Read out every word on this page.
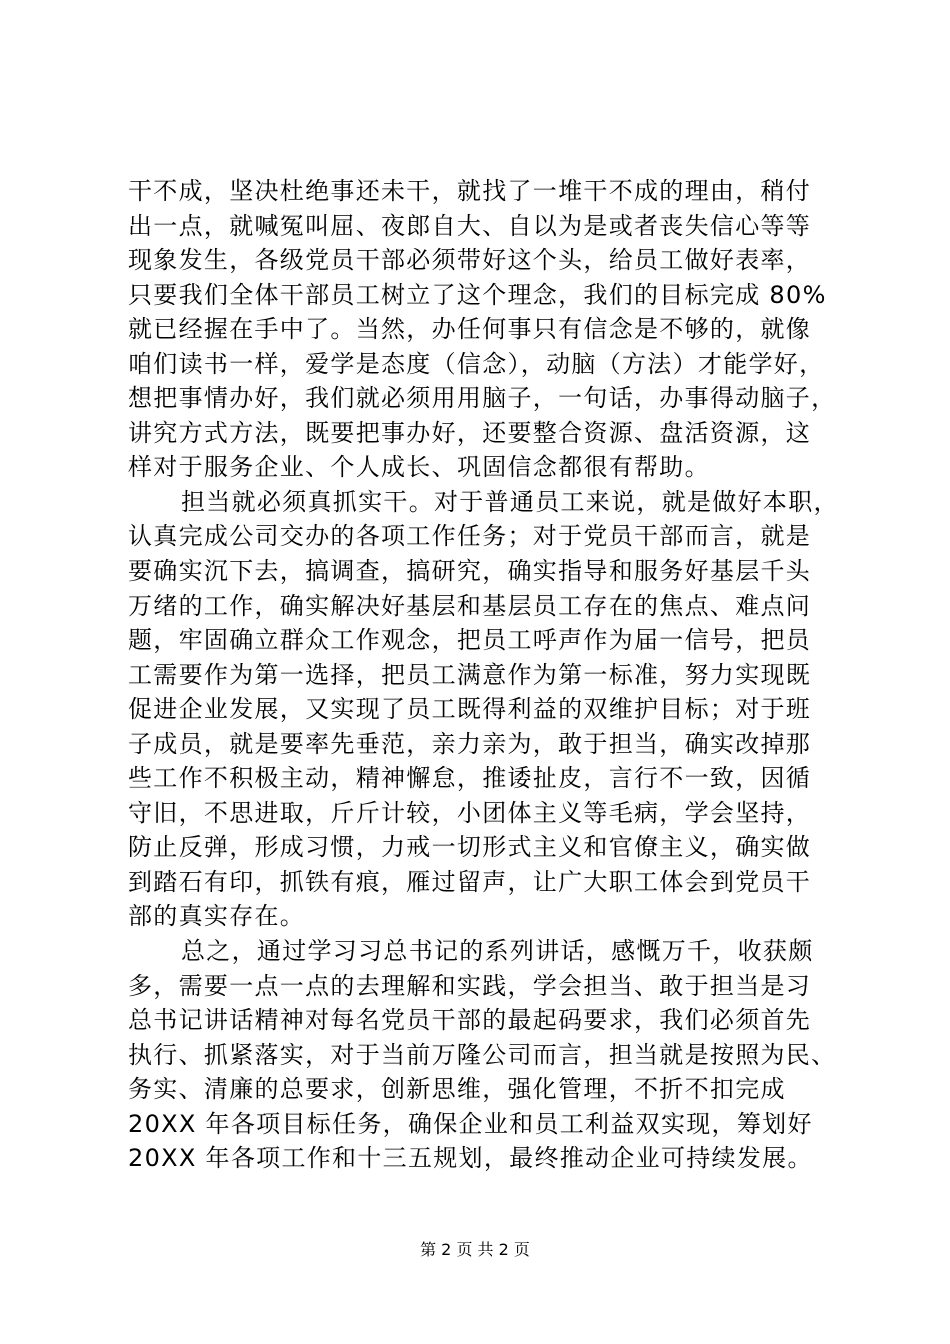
干不成，坚决杜绝事还未干，就找了一堆干不成的理由，稍付
出一点，就喊冤叫屈、夜郎自大、自以为是或者丧失信心等等
现象发生，各级党员干部必须带好这个头，给员工做好表率，
只要我们全体干部员工树立了这个理念，我们的目标完成 80%
就已经握在手中了。当然，办任何事只有信念是不够的，就像
咱们读书一样，爱学是态度（信念），动脑（方法）才能学好，
想把事情办好，我们就必须用用脑子，一句话，办事得动脑子，
讲究方式方法，既要把事办好，还要整合资源、盘活资源，这
样对于服务企业、个人成长、巩固信念都很有帮助。
担当就必须真抓实干。对于普通员工来说，就是做好本职，
认真完成公司交办的各项工作任务；对于党员干部而言，就是
要确实沉下去，搞调查，搞研究，确实指导和服务好基层千头
万绪的工作，确实解决好基层和基层员工存在的焦点、难点问
题，牢固确立群众工作观念，把员工呼声作为届一信号，把员
工需要作为第一选择，把员工满意作为第一标准，努力实现既
促进企业发展，又实现了员工既得利益的双维护目标；对于班
子成员，就是要率先垂范，亲力亲为，敢于担当，确实改掉那
些工作不积极主动，精神懈怠，推诿扯皮，言行不一致，因循
守旧，不思进取，斤斤计较，小团体主义等毛病，学会坚持，
防止反弹，形成习惯，力戒一切形式主义和官僚主义，确实做
到踏石有印，抓铁有痕，雁过留声，让广大职工体会到党员干
部的真实存在。
总之，通过学习习总书记的系列讲话，感慨万千，收获颇
多，需要一点一点的去理解和实践，学会担当、敢于担当是习
总书记讲话精神对每名党员干部的最起码要求，我们必须首先
执行、抓紧落实，对于当前万隆公司而言，担当就是按照为民、
务实、清廉的总要求，创新思维，强化管理，不折不扣完成
20XX 年各项目标任务，确保企业和员工利益双实现，筹划好
20XX 年各项工作和十三五规划，最终推动企业可持续发展。
第 2 页 共 2 页
